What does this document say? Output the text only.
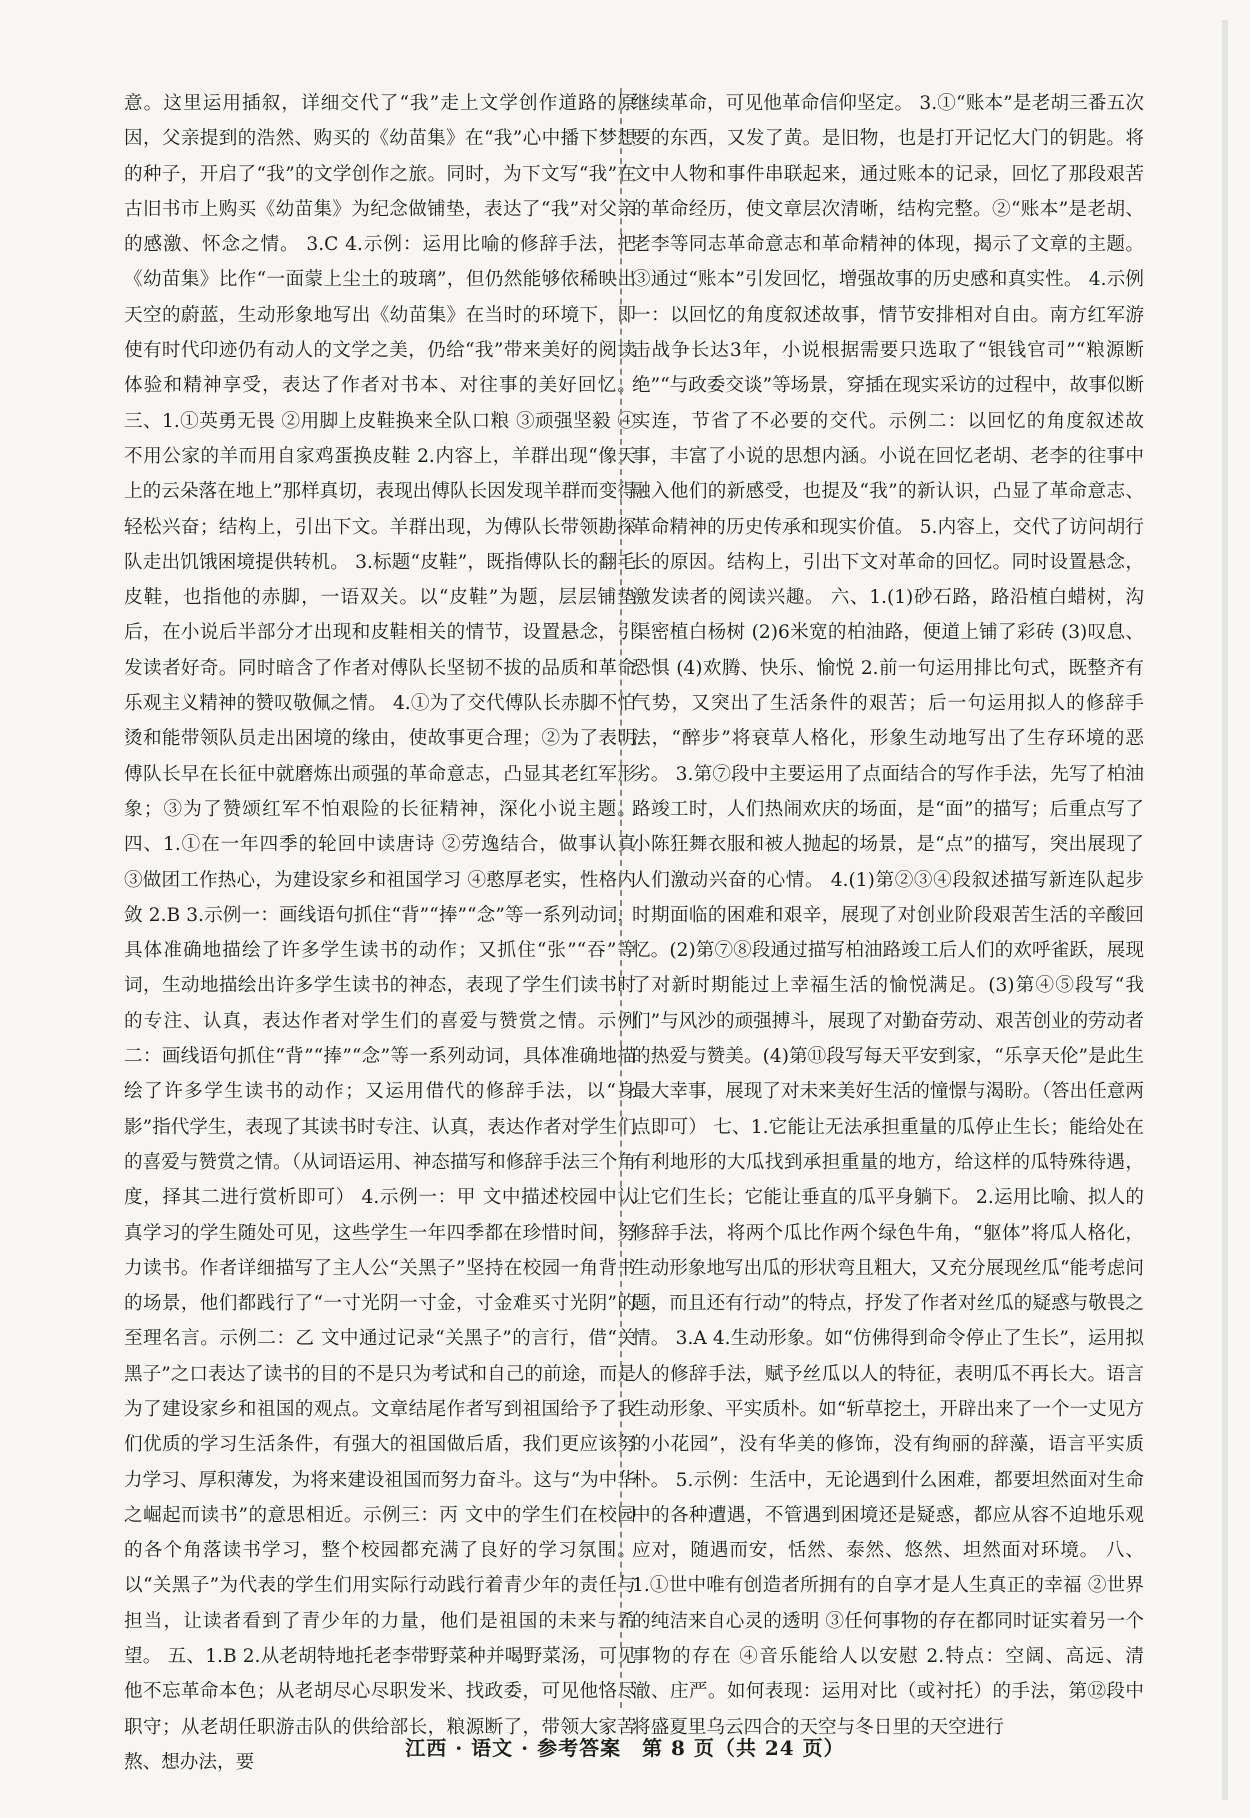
意。这里运用插叙，详细交代了“我”走上文学创作道路的原因，父亲提到的浩然、购买的《幼苗集》在“我”心中播下梦想的种子，开启了“我”的文学创作之旅。同时，为下文写“我”在古旧书市上购买《幼苗集》为纪念做铺垫，表达了“我”对父亲的感激、怀念之情。 3.C 4.示例：运用比喻的修辞手法，把《幼苗集》比作“一面蒙上尘土的玻璃”，但仍然能够依稀映出天空的蔚蓝，生动形象地写出《幼苗集》在当时的环境下，即使有时代印迹仍有动人的文学之美，仍给“我”带来美好的阅读体验和精神享受，表达了作者对书本、对往事的美好回忆。 三、1.①英勇无畏 ②用脚上皮鞋换来全队口粮 ③顽强坚毅 ④不用公家的羊而用自家鸡蛋换皮鞋 2.内容上，羊群出现“像天上的云朵落在地上”那样真切，表现出傅队长因发现羊群而变得轻松兴奋；结构上，引出下文。羊群出现，为傅队长带领勘探队走出饥饿困境提供转机。 3.标题“皮鞋”，既指傅队长的翻毛皮鞋，也指他的赤脚，一语双关。以“皮鞋”为题，层层铺垫后，在小说后半部分才出现和皮鞋相关的情节，设置悬念，引发读者好奇。同时暗含了作者对傅队长坚韧不拔的品质和革命乐观主义精神的赞叹敬佩之情。 4.①为了交代傅队长赤脚不怕烫和能带领队员走出困境的缘由，使故事更合理；②为了表明傅队长早在长征中就磨炼出顽强的革命意志，凸显其老红军形象；③为了赞颂红军不怕艰险的长征精神，深化小说主题。 四、1.①在一年四季的轮回中读唐诗 ②劳逸结合，做事认真 ③做团工作热心，为建设家乡和祖国学习 ④憨厚老实，性格内敛 2.B 3.示例一：画线语句抓住“背”“捧”“念”等一系列动词，具体准确地描绘了许多学生读书的动作；又抓住“张”“吞”等词，生动地描绘出许多学生读书的神态，表现了学生们读书时的专注、认真，表达作者对学生们的喜爱与赞赏之情。示例二：画线语句抓住“背”“捧”“念”等一系列动词，具体准确地描绘了许多学生读书的动作；又运用借代的修辞手法，以“身影”指代学生，表现了其读书时专注、认真，表达作者对学生们的喜爱与赞赏之情。（从词语运用、神态描写和修辞手法三个角度，择其二进行赏析即可） 4.示例一：甲 文中描述校园中认真学习的学生随处可见，这些学生一年四季都在珍惜时间，努力读书。作者详细描写了主人公“关黑子”坚持在校园一角背书的场景，他们都践行了“一寸光阴一寸金，寸金难买寸光阴”的至理名言。示例二：乙 文中通过记录“关黑子”的言行，借“关黑子”之口表达了读书的目的不是只为考试和自己的前途，而是为了建设家乡和祖国的观点。文章结尾作者写到祖国给予了我们优质的学习生活条件，有强大的祖国做后盾，我们更应该努力学习、厚积薄发，为将来建设祖国而努力奋斗。这与“为中华之崛起而读书”的意思相近。示例三：丙 文中的学生们在校园的各个角落读书学习，整个校园都充满了良好的学习氛围。以“关黑子”为代表的学生们用实际行动践行着青少年的责任与担当，让读者看到了青少年的力量，他们是祖国的未来与希望。 五、1.B 2.从老胡特地托老李带野菜种并喝野菜汤，可见他不忘革命本色；从老胡尽心尽职发米、找政委，可见他恪尽职守；从老胡任职游击队的供给部长，粮源断了，带领大家苦熬、想办法，要

继续革命，可见他革命信仰坚定。 3.①“账本”是老胡三番五次要的东西，又发了黄。是旧物，也是打开记忆大门的钥匙。将文中人物和事件串联起来，通过账本的记录，回忆了那段艰苦的革命经历，使文章层次清晰，结构完整。②“账本”是老胡、老李等同志革命意志和革命精神的体现，揭示了文章的主题。③通过“账本”引发回忆，增强故事的历史感和真实性。 4.示例一：以回忆的角度叙述故事，情节安排相对自由。南方红军游击战争长达3年，小说根据需要只选取了“银钱官司”“粮源断绝”“与政委交谈”等场景，穿插在现实采访的过程中，故事似断实连，节省了不必要的交代。示例二：以回忆的角度叙述故事，丰富了小说的思想内涵。小说在回忆老胡、老李的往事中融入他们的新感受，也提及“我”的新认识，凸显了革命意志、革命精神的历史传承和现实价值。 5.内容上，交代了访问胡行长的原因。结构上，引出下文对革命的回忆。同时设置悬念，激发读者的阅读兴趣。 六、1.(1)砂石路，路沿植白蜡树，沟渠密植白杨树 (2)6米宽的柏油路，便道上铺了彩砖 (3)叹息、恐惧 (4)欢腾、快乐、愉悦 2.前一句运用排比句式，既整齐有气势，又突出了生活条件的艰苦；后一句运用拟人的修辞手法，“醉步”将衰草人格化，形象生动地写出了生存环境的恶劣。 3.第⑦段中主要运用了点面结合的写作手法，先写了柏油路竣工时，人们热闹欢庆的场面，是“面”的描写；后重点写了小陈狂舞衣服和被人抛起的场景，是“点”的描写，突出展现了人们激动兴奋的心情。 4.(1)第②③④段叙述描写新连队起步时期面临的困难和艰辛，展现了对创业阶段艰苦生活的辛酸回忆。(2)第⑦⑧段通过描写柏油路竣工后人们的欢呼雀跃，展现了对新时期能过上幸福生活的愉悦满足。(3)第④⑤段写“我们”与风沙的顽强搏斗，展现了对勤奋劳动、艰苦创业的劳动者的热爱与赞美。(4)第⑪段写每天平安到家，“乐享天伦”是此生最大幸事，展现了对未来美好生活的憧憬与渴盼。（答出任意两点即可） 七、1.它能让无法承担重量的瓜停止生长；能给处在有利地形的大瓜找到承担重量的地方，给这样的瓜特殊待遇，让它们生长；它能让垂直的瓜平身躺下。 2.运用比喻、拟人的修辞手法，将两个瓜比作两个绿色牛角，“躯体”将瓜人格化，生动形象地写出瓜的形状弯且粗大，又充分展现丝瓜“能考虑问题，而且还有行动”的特点，抒发了作者对丝瓜的疑惑与敬畏之情。 3.A 4.生动形象。如“仿佛得到命令停止了生长”，运用拟人的修辞手法，赋予丝瓜以人的特征，表明瓜不再长大。语言生动形象、平实质朴。如“斩草挖土，开辟出来了一个一丈见方的小花园”，没有华美的修饰，没有绚丽的辞藻，语言平实质朴。 5.示例：生活中，无论遇到什么困难，都要坦然面对生命中的各种遭遇，不管遇到困境还是疑惑，都应从容不迫地乐观应对，随遇而安，恬然、泰然、悠然、坦然面对环境。 八、1.①世中唯有创造者所拥有的自享才是人生真正的幸福 ②世界的纯洁来自心灵的透明 ③任何事物的存在都同时证实着另一个事物的存在 ④音乐能给人以安慰 2.特点：空阔、高远、清澈、庄严。如何表现：运用对比（或衬托）的手法，第⑫段中将盛夏里乌云四合的天空与冬日里的天空进行

江西 · 语文 · 参考答案　第 8 页（共 24 页）
